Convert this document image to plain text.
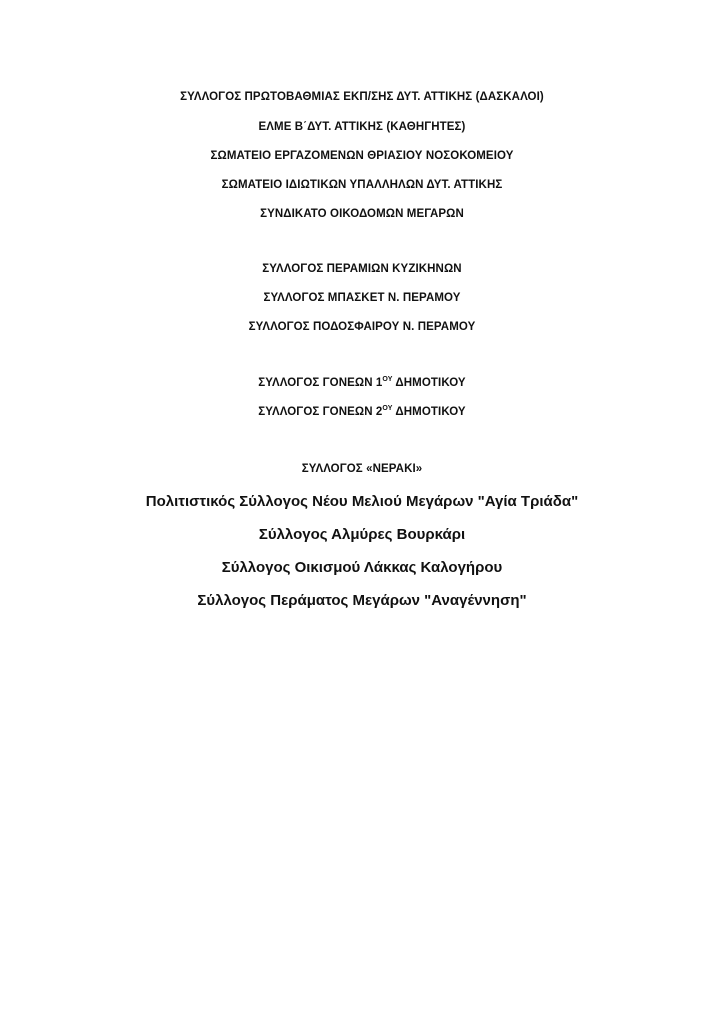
ΣΥΛΛΟΓΟΣ ΠΡΩΤΟΒΑΘΜΙΑΣ ΕΚΠ/ΣΗΣ ΔΥΤ. ΑΤΤΙΚΗΣ (ΔΑΣΚΑΛΟΙ)
ΕΛΜΕ Β΄ΔΥΤ. ΑΤΤΙΚΗΣ (ΚΑΘΗΓΗΤΕΣ)
ΣΩΜΑΤΕΙΟ ΕΡΓΑΖΟΜΕΝΩΝ ΘΡΙΑΣΙΟΥ ΝΟΣΟΚΟΜΕΙΟΥ
ΣΩΜΑΤΕΙΟ ΙΔΙΩΤΙΚΩΝ ΥΠΑΛΛΗΛΩΝ ΔΥΤ. ΑΤΤΙΚΗΣ
ΣΥΝΔΙΚΑΤΟ ΟΙΚΟΔΟΜΩΝ ΜΕΓΑΡΩΝ
ΣΥΛΛΟΓΟΣ ΠΕΡΑΜΙΩΝ ΚΥΖΙΚΗΝΩΝ
ΣΥΛΛΟΓΟΣ ΜΠΑΣΚΕΤ Ν. ΠΕΡΑΜΟΥ
ΣΥΛΛΟΓΟΣ ΠΟΔΟΣΦΑΙΡΟΥ Ν. ΠΕΡΑΜΟΥ
ΣΥΛΛΟΓΟΣ ΓΟΝΕΩΝ $1^{O\Upsilon}$ ΔΗΜΟΤΙΚΟΥ
ΣΥΛΛΟΓΟΣ ΓΟΝΕΩΝ $2^{O\Upsilon}$ ΔΗΜΟΤΙΚΟΥ
ΣΥΛΛΟΓΟΣ «ΝΕΡΑΚΙ»
Πολιτιστικός Σύλλογος Νέου Μελιού Μεγάρων "Αγία Τριάδα"
Σύλλογος Αλμύρες Βουρκάρι
Σύλλογος Οικισμού Λάκκας Καλογήρου
Σύλλογος Περάματος Μεγάρων "Αναγέννηση"
